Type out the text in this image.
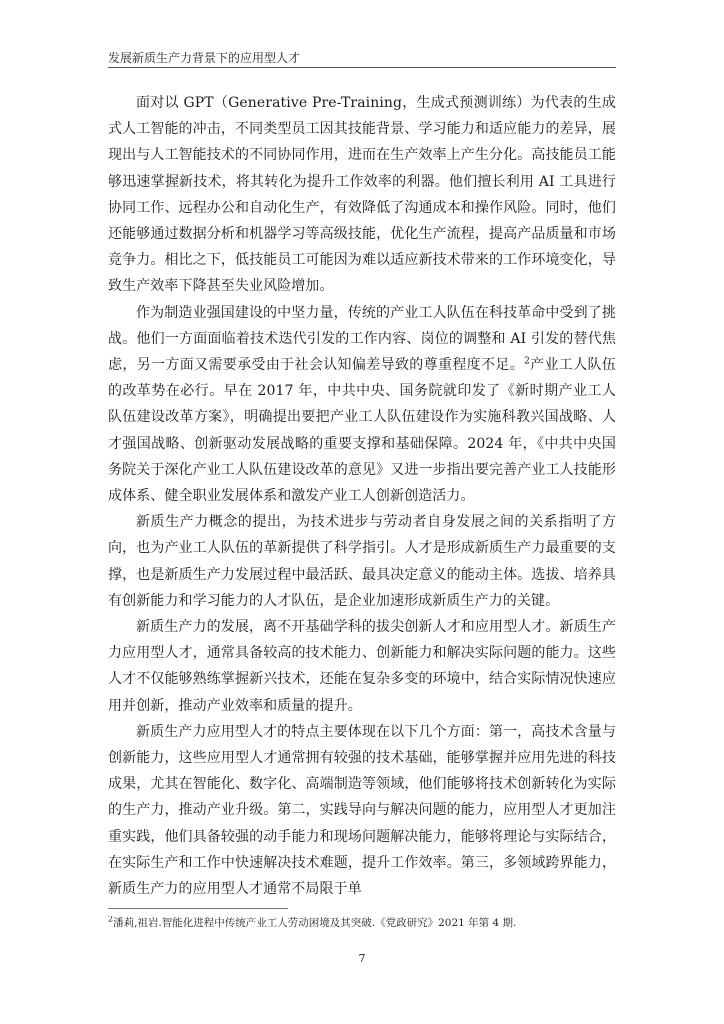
发展新质生产力背景下的应用型人才

面对以 GPT（Generative Pre-Training，生成式预测训练）为代表的生成式人工智能的冲击，不同类型员工因其技能背景、学习能力和适应能力的差异，展现出与人工智能技术的不同协同作用，进而在生产效率上产生分化。高技能员工能够迅速掌握新技术，将其转化为提升工作效率的利器。他们擅长利用 AI 工具进行协同工作、远程办公和自动化生产，有效降低了沟通成本和操作风险。同时，他们还能够通过数据分析和机器学习等高级技能，优化生产流程，提高产品质量和市场竞争力。相比之下，低技能员工可能因为难以适应新技术带来的工作环境变化，导致生产效率下降甚至失业风险增加。

作为制造业强国建设的中坚力量，传统的产业工人队伍在科技革命中受到了挑战。他们一方面面临着技术迭代引发的工作内容、岗位的调整和 AI 引发的替代焦虑，另一方面又需要承受由于社会认知偏差导致的尊重程度不足。$^2$产业工人队伍的改革势在必行。早在 2017 年，中共中央、国务院就印发了《新时期产业工人队伍建设改革方案》，明确提出要把产业工人队伍建设作为实施科教兴国战略、人才强国战略、创新驱动发展战略的重要支撑和基础保障。2024 年，《中共中央国务院关于深化产业工人队伍建设改革的意见》又进一步指出要完善产业工人技能形成体系、健全职业发展体系和激发产业工人创新创造活力。

新质生产力概念的提出，为技术进步与劳动者自身发展之间的关系指明了方向，也为产业工人队伍的革新提供了科学指引。人才是形成新质生产力最重要的支撑，也是新质生产力发展过程中最活跃、最具决定意义的能动主体。选拔、培养具有创新能力和学习能力的人才队伍，是企业加速形成新质生产力的关键。

新质生产力的发展，离不开基础学科的拔尖创新人才和应用型人才。新质生产力应用型人才，通常具备较高的技术能力、创新能力和解决实际问题的能力。这些人才不仅能够熟练掌握新兴技术，还能在复杂多变的环境中，结合实际情况快速应用并创新，推动产业效率和质量的提升。

新质生产力应用型人才的特点主要体现在以下几个方面：第一，高技术含量与创新能力，这些应用型人才通常拥有较强的技术基础，能够掌握并应用先进的科技成果，尤其在智能化、数字化、高端制造等领域，他们能够将技术创新转化为实际的生产力，推动产业升级。第二，实践导向与解决问题的能力，应用型人才更加注重实践，他们具备较强的动手能力和现场问题解决能力，能够将理论与实际结合，在实际生产和工作中快速解决技术难题，提升工作效率。第三，多领域跨界能力，新质生产力的应用型人才通常不局限于单

$^2$潘莉,祖岩.智能化进程中传统产业工人劳动困境及其突破.《党政研究》2021 年第 4 期.
7
